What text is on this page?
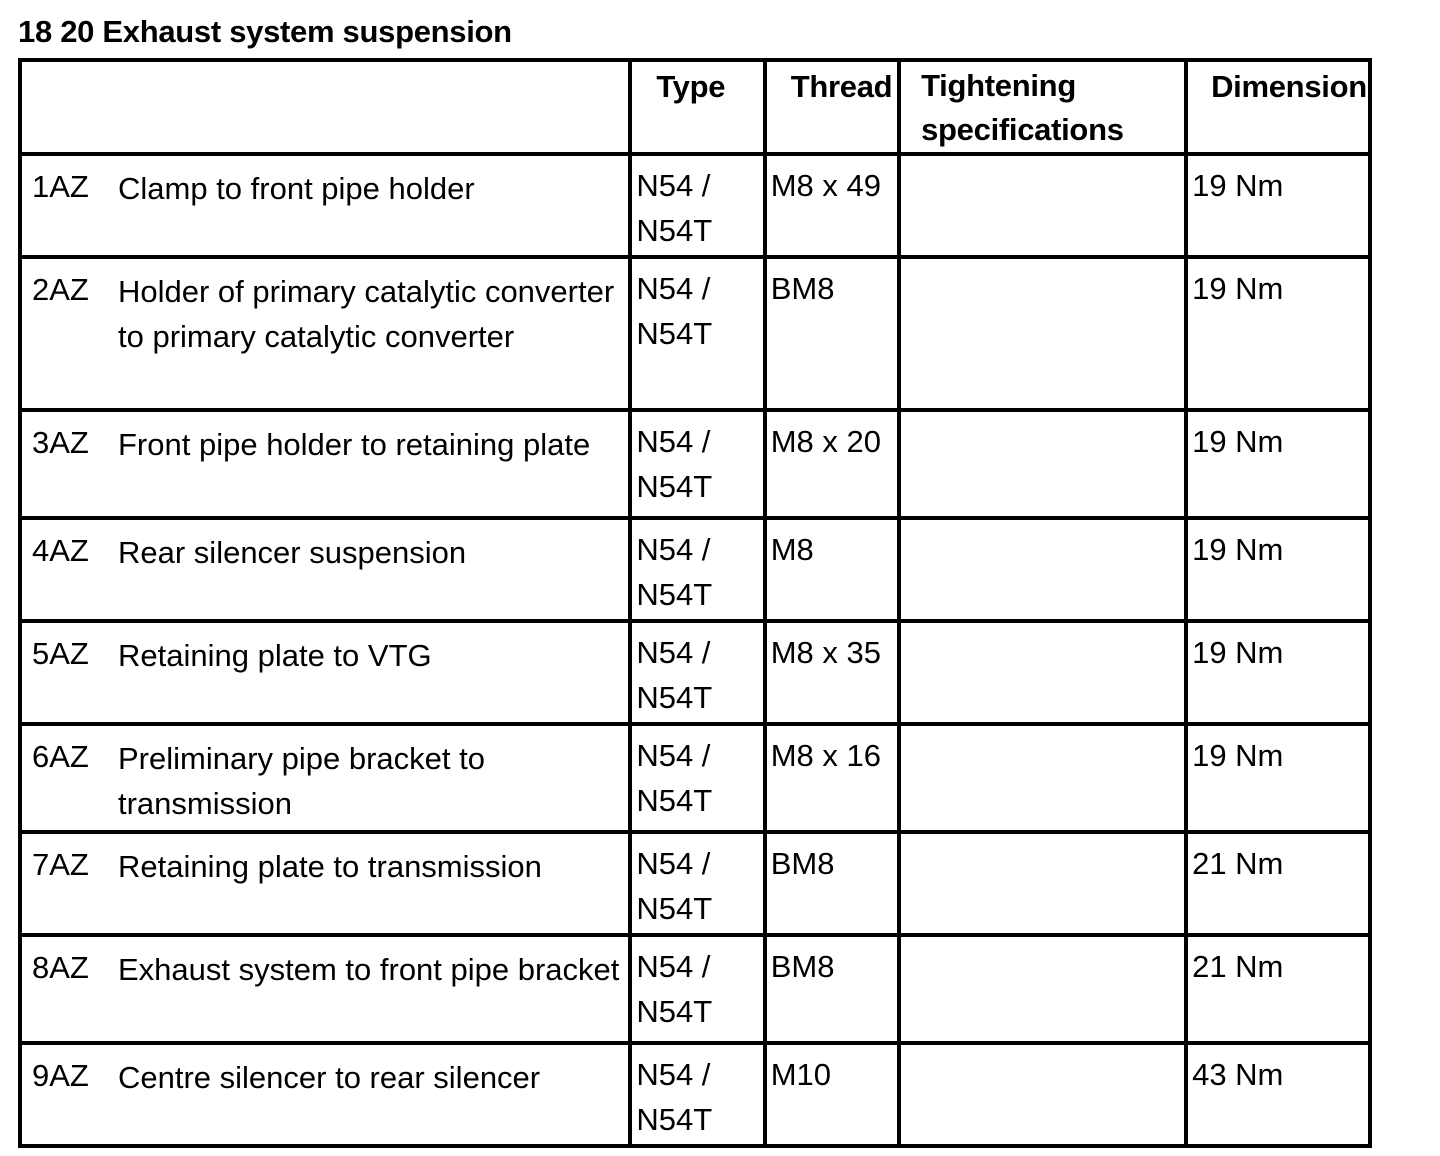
18 20 Exhaust system suspension

	Type	Thread	Tightening specifications	Dimension

1AZ Clamp to front pipe holder	N54 / N54T	M8 x 49		19 Nm

2AZ Holder of primary catalytic converter to primary catalytic converter	N54 / N54T	BM8		19 Nm

3AZ Front pipe holder to retaining plate	N54 / N54T	M8 x 20		19 Nm

4AZ Rear silencer suspension	N54 / N54T	M8		19 Nm

5AZ Retaining plate to VTG	N54 / N54T	M8 x 35		19 Nm

6AZ Preliminary pipe bracket to transmission	N54 / N54T	M8 x 16		19 Nm

7AZ Retaining plate to transmission	N54 / N54T	BM8		21 Nm

8AZ Exhaust system to front pipe bracket	N54 / N54T	BM8		21 Nm

9AZ Centre silencer to rear silencer	N54 / N54T	M10		43 Nm
